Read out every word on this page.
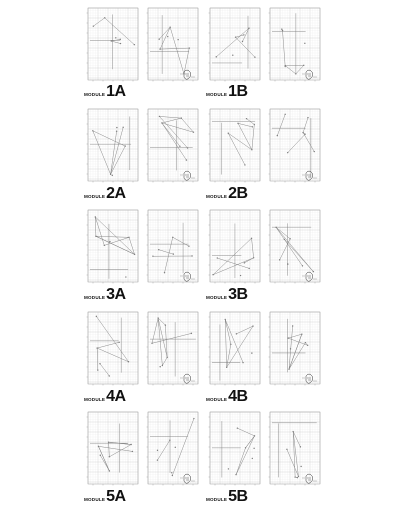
MODULE 1A	MODULE 1B
MODULE 2A	MODULE 2B
MODULE 3A	MODULE 3B
MODULE 4A	MODULE 4B
MODULE 5A	MODULE 5B
